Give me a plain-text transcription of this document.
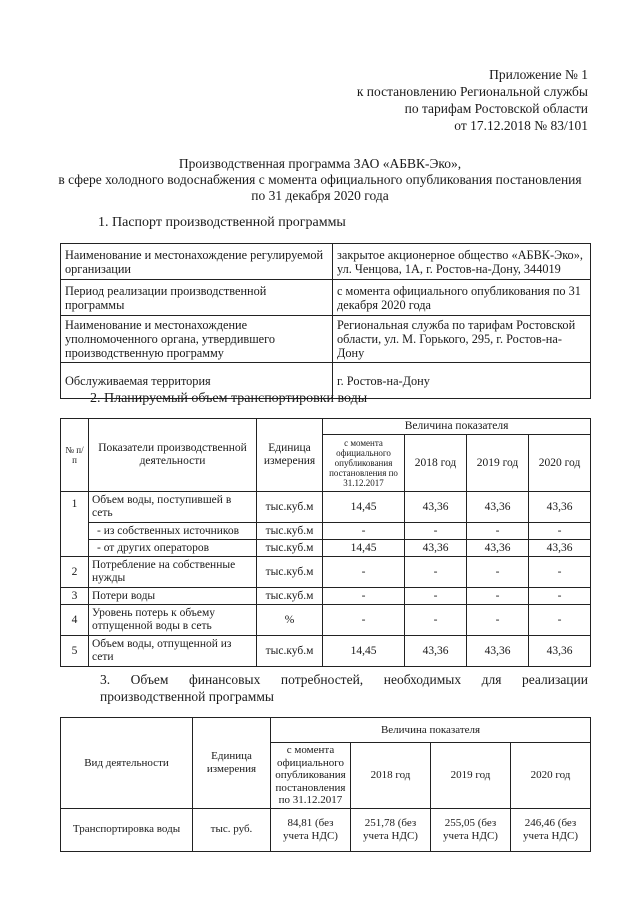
Приложение № 1
к постановлению Региональной службы
по тарифам Ростовской области
от 17.12.2018 № 83/101
Производственная программа ЗАО «АБВК-Эко»,
в сфере холодного водоснабжения с момента официального опубликования постановления
по 31 декабря 2020 года
1. Паспорт производственной программы
Наименование и местонахождение регулируемой организации	закрытое акционерное общество «АБВК-Эко», ул. Ченцова, 1А, г. Ростов-на-Дону, 344019
Период реализации производственной программы	с момента официального опубликования по 31 декабря 2020 года
Наименование и местонахождение уполномоченного органа, утвердившего производственную программу	Региональная служба по тарифам Ростовской области, ул. М. Горького, 295, г. Ростов-на-Дону
Обслуживаемая территория	г. Ростов-на-Дону
2. Планируемый объем транспортировки воды
№ п/п	Показатели производственной деятельности	Единица измерения	Величина показателя			
			с момента официального опубликования постановления по 31.12.2017	2018 год	2019 год	2020 год
1	Объем воды, поступившей в сеть	тыс.куб.м	14,45	43,36	43,36	43,36
	- из собственных источников	тыс.куб.м	-	-	-	-
	- от других операторов	тыс.куб.м	14,45	43,36	43,36	43,36
2	Потребление на собственные нужды	тыс.куб.м	-	-	-	-
3	Потери воды	тыс.куб.м	-	-	-	-
4	Уровень потерь к объему отпущенной воды в сеть	%	-	-	-	-
5	Объем воды, отпущенной из сети	тыс.куб.м	14,45	43,36	43,36	43,36
3. Объем финансовых потребностей, необходимых для реализации производственной программы
Вид деятельности	Единица измерения	Величина показателя			
		с момента официального опубликования постановления по 31.12.2017	2018 год	2019 год	2020 год
Транспортировка воды	тыс. руб.	84,81 (без учета НДС)	251,78 (без учета НДС)	255,05 (без учета НДС)	246,46 (без учета НДС)
